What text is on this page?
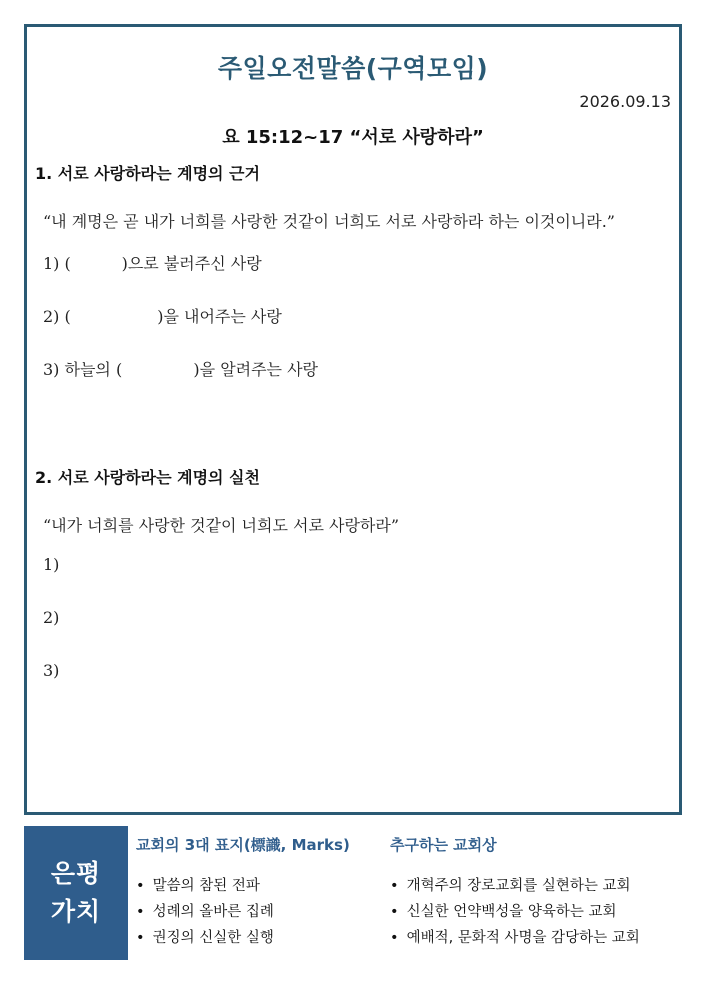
주일오전말씀(구역모임)
2026.09.13
요 15:12~17 “서로 사랑하라”
1. 서로 사랑하라는 계명의 근거
“내 계명은 곧 내가 너희를 사랑한 것같이 너희도 서로 사랑하라 하는 이것이니라.”
1) (          )으로 불러주신 사랑
2) (                 )을 내어주는 사랑
3) 하늘의 (              )을 알려주는 사랑
2. 서로 사랑하라는 계명의 실천
“내가 너희를 사랑한 것같이 너희도 서로 사랑하라”
1)
2)
3)
은평
가치
교회의 3대 표지(標識, Marks)
• 말씀의 참된 전파
• 성례의 올바른 집례
• 권징의 신실한 실행
추구하는 교회상
• 개혁주의 장로교회를 실현하는 교회
• 신실한 언약백성을 양육하는 교회
• 예배적, 문화적 사명을 감당하는 교회
